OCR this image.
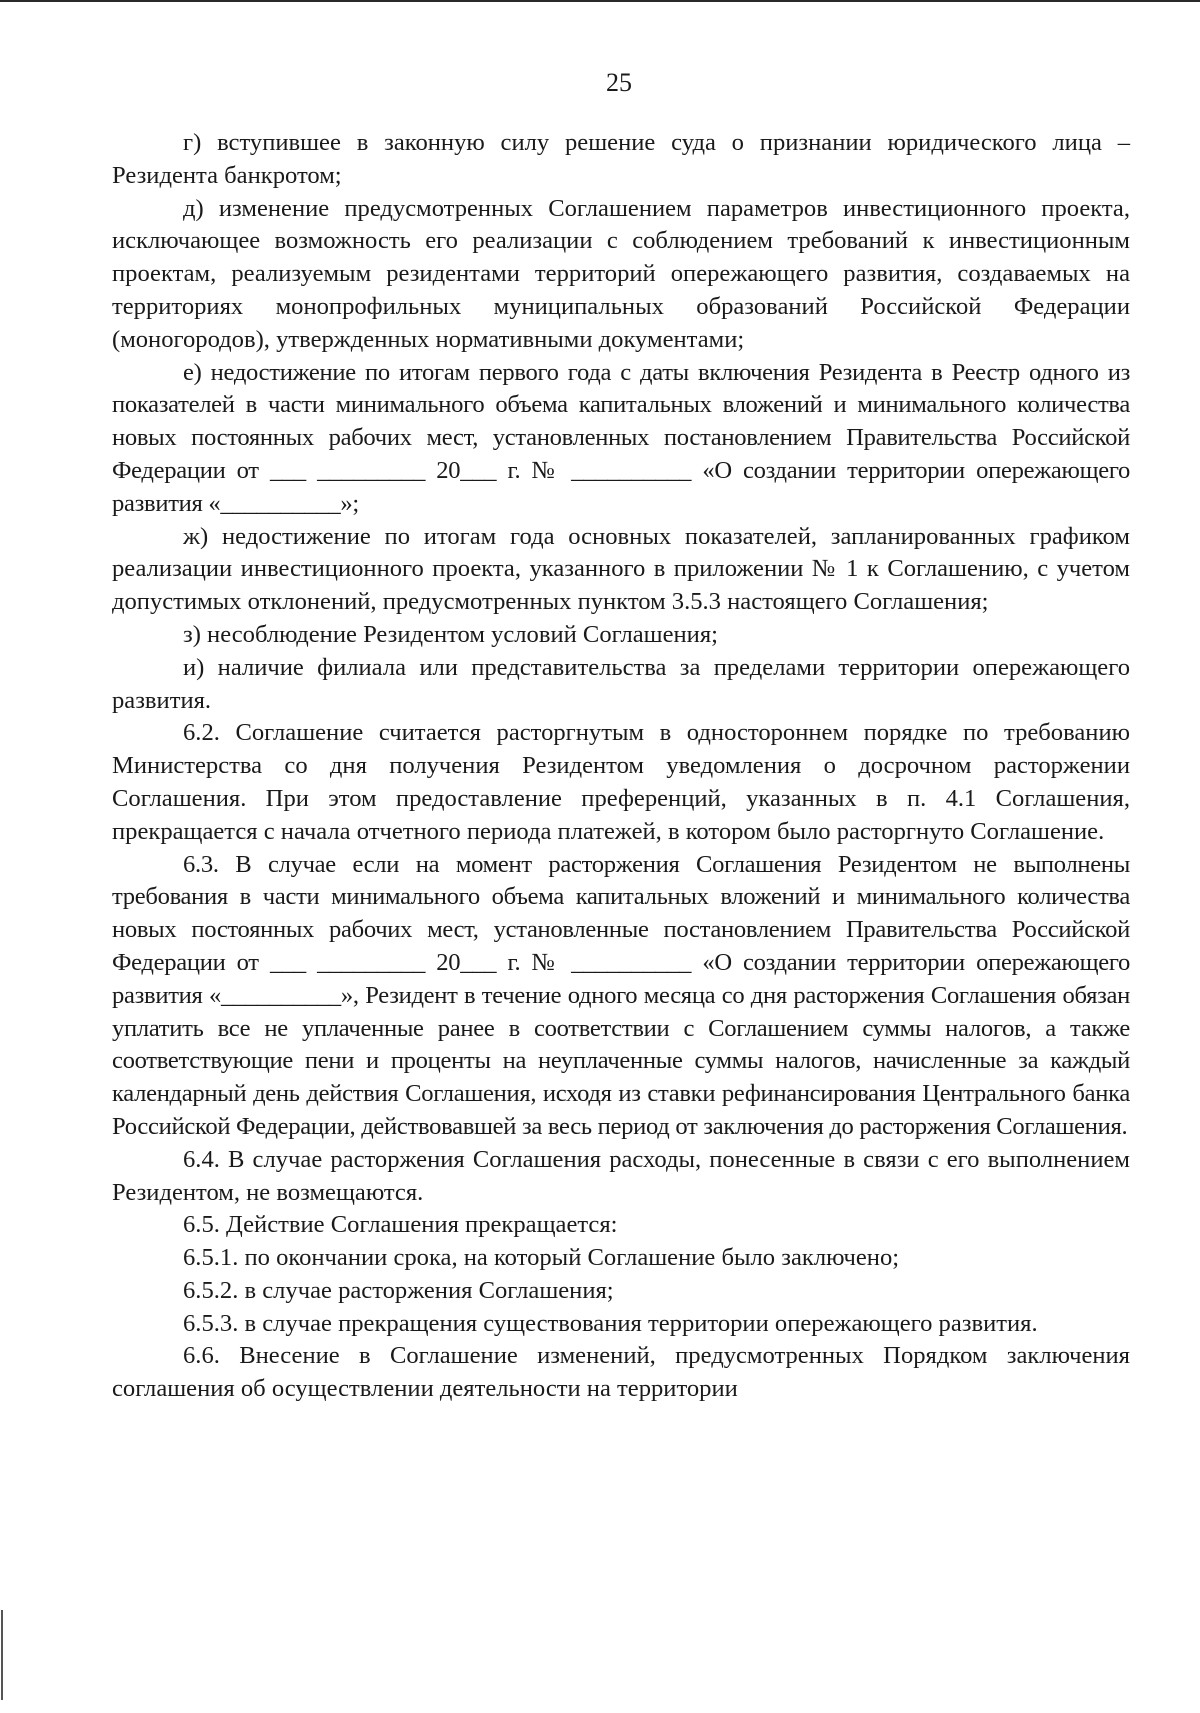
25

г) вступившее в законную силу решение суда о признании юридического лица – Резидента банкротом;

д) изменение предусмотренных Соглашением параметров инвестиционного проекта, исключающее возможность его реализации с соблюдением требований к инвестиционным проектам, реализуемым резидентами территорий опережающего развития, создаваемых на территориях монопрофильных муниципальных образований Российской Федерации (моногородов), утвержденных нормативными документами;

е) недостижение по итогам первого года с даты включения Резидента в Реестр одного из показателей в части минимального объема капитальных вложений и минимального количества новых постоянных рабочих мест, установленных постановлением Правительства Российской Федерации от ___ _________ 20___ г. № __________ «О создании территории опережающего развития «__________»;

ж) недостижение по итогам года основных показателей, запланированных графиком реализации инвестиционного проекта, указанного в приложении № 1 к Соглашению, с учетом допустимых отклонений, предусмотренных пунктом 3.5.3 настоящего Соглашения;

з) несоблюдение Резидентом условий Соглашения;

и) наличие филиала или представительства за пределами территории опережающего развития.

6.2. Соглашение считается расторгнутым в одностороннем порядке по требованию Министерства со дня получения Резидентом уведомления о досрочном расторжении Соглашения. При этом предоставление преференций, указанных в п. 4.1 Соглашения, прекращается с начала отчетного периода платежей, в котором было расторгнуто Соглашение.

6.3. В случае если на момент расторжения Соглашения Резидентом не выполнены требования в части минимального объема капитальных вложений и минимального количества новых постоянных рабочих мест, установленные постановлением Правительства Российской Федерации от ___ _________ 20___ г. № __________ «О создании территории опережающего развития «__________», Резидент в течение одного месяца со дня расторжения Соглашения обязан уплатить все не уплаченные ранее в соответствии с Соглашением суммы налогов, а также соответствующие пени и проценты на неуплаченные суммы налогов, начисленные за каждый календарный день действия Соглашения, исходя из ставки рефинансирования Центрального банка Российской Федерации, действовавшей за весь период от заключения до расторжения Соглашения.

6.4. В случае расторжения Соглашения расходы, понесенные в связи с его выполнением Резидентом, не возмещаются.

6.5. Действие Соглашения прекращается:

6.5.1. по окончании срока, на который Соглашение было заключено;

6.5.2. в случае расторжения Соглашения;

6.5.3. в случае прекращения существования территории опережающего развития.

6.6. Внесение в Соглашение изменений, предусмотренных Порядком заключения соглашения об осуществлении деятельности на территории
